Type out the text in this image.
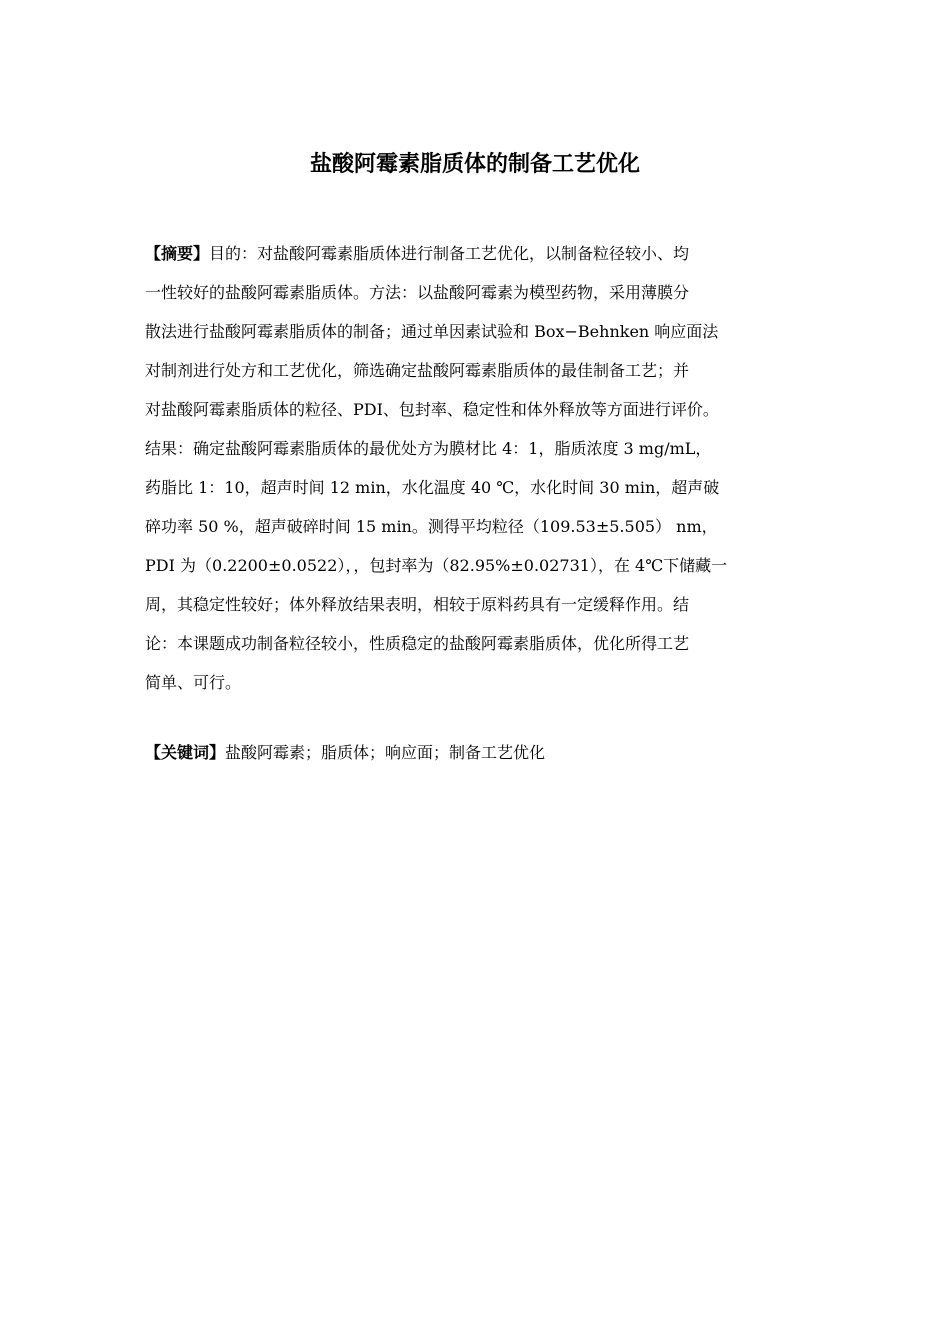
盐酸阿霉素脂质体的制备工艺优化
【摘要】目的：对盐酸阿霉素脂质体进行制备工艺优化，以制备粒径较小、均
一性较好的盐酸阿霉素脂质体。方法：以盐酸阿霉素为模型药物，采用薄膜分
散法进行盐酸阿霉素脂质体的制备；通过单因素试验和 Box−Behnken 响应面法
对制剂进行处方和工艺优化，筛选确定盐酸阿霉素脂质体的最佳制备工艺；并
对盐酸阿霉素脂质体的粒径、PDI、包封率、稳定性和体外释放等方面进行评价。
结果：确定盐酸阿霉素脂质体的最优处方为膜材比 4：1，脂质浓度 3 mg/mL，
药脂比 1：10，超声时间 12 min，水化温度 40 ℃，水化时间 30 min，超声破
碎功率 50 %，超声破碎时间 15 min。测得平均粒径（109.53±5.505） nm，
PDI 为（0.2200±0.0522），，包封率为（82.95%±0.02731），在 4℃下储藏一
周，其稳定性较好；体外释放结果表明，相较于原料药具有一定缓释作用。结
论：本课题成功制备粒径较小，性质稳定的盐酸阿霉素脂质体，优化所得工艺
简单、可行。
【关键词】盐酸阿霉素；脂质体；响应面；制备工艺优化
